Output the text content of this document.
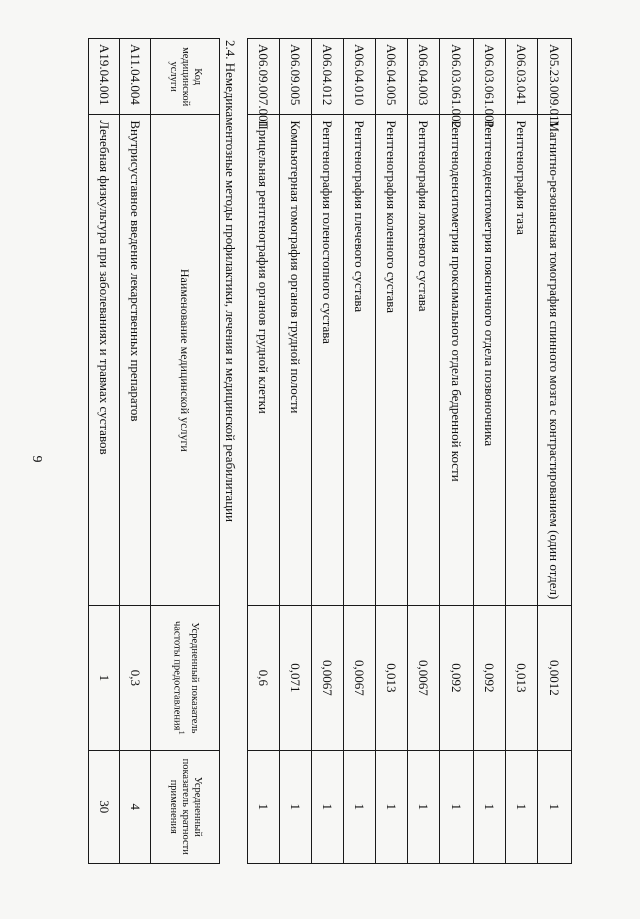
9
A05.23.009.011	Магнитно-резонансная томография спинного мозга с контрастированием (один отдел)	0,0012	1
A06.03.041	Рентгенография таза	0,013	1
A06.03.061.001	Рентгеноденситометрия поясничного отдела позвоночника	0,092	1
A06.03.061.002	Рентгеноденситометрия проксимального отдела бедренной кости	0,092	1
A06.04.003	Рентгенография локтевого сустава	0,0067	1
A06.04.005	Рентгенография коленного сустава	0,013	1
A06.04.010	Рентгенография плечевого сустава	0,0067	1
A06.04.012	Рентгенография голеностопного сустава	0,0067	1
A06.09.005	Компьютерная томография органов грудной полости	0,071	1
A06.09.007.001	Прицельная рентгенография органов грудной клетки	0,6	1
2.4. Немедикаментозные методы профилактики, лечения и медицинской реабилитации
Код медицинской услуги	Наименование медицинской услуги	Усредненный показатель частоты предоставления$^1$	Усредненный показатель кратности применения
A11.04.004	Внутрисуставное введение лекарственных препаратов	0,3	4
A19.04.001	Лечебная физкультура при заболеваниях и травмах суставов	1	30
